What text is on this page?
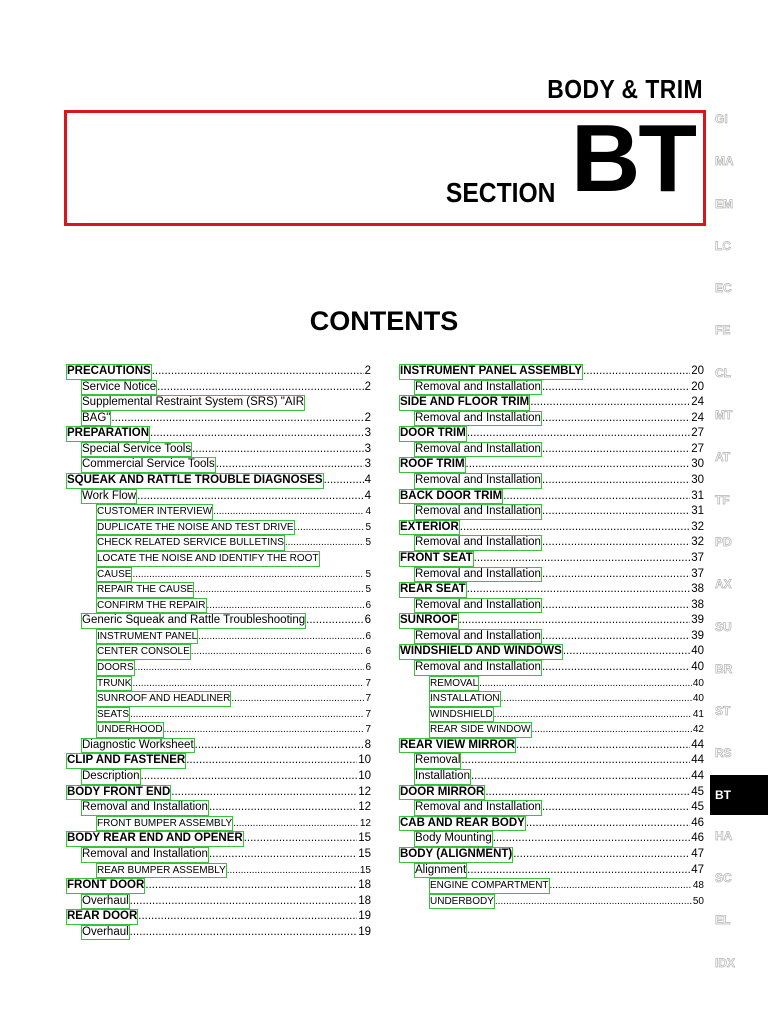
BODY & TRIM
SECTION BT
CONTENTS
PRECAUTIONS .....	2
Service Notice .....	2
Supplemental Restraint System (SRS) "AIR
BAG" .....	2
PREPARATION .....	3
Special Service Tools .....	3
Commercial Service Tools .....	3
SQUEAK AND RATTLE TROUBLE DIAGNOSES .....	4
Work Flow .....	4
CUSTOMER INTERVIEW .....	4
DUPLICATE THE NOISE AND TEST DRIVE .....	5
CHECK RELATED SERVICE BULLETINS .....	5
LOCATE THE NOISE AND IDENTIFY THE ROOT
CAUSE .....	5
REPAIR THE CAUSE .....	5
CONFIRM THE REPAIR .....	6
Generic Squeak and Rattle Troubleshooting .....	6
INSTRUMENT PANEL .....	6
CENTER CONSOLE .....	6
DOORS .....	6
TRUNK .....	7
SUNROOF AND HEADLINER .....	7
SEATS .....	7
UNDERHOOD .....	7
Diagnostic Worksheet .....	8
CLIP AND FASTENER .....	10
Description .....	10
BODY FRONT END .....	12
Removal and Installation .....	12
FRONT BUMPER ASSEMBLY .....	12
BODY REAR END AND OPENER .....	15
Removal and Installation .....	15
REAR BUMPER ASSEMBLY .....	15
FRONT DOOR .....	18
Overhaul .....	18
REAR DOOR .....	19
Overhaul .....	19
INSTRUMENT PANEL ASSEMBLY .....	20
Removal and Installation .....	20
SIDE AND FLOOR TRIM .....	24
Removal and Installation .....	24
DOOR TRIM .....	27
Removal and Installation .....	27
ROOF TRIM .....	30
Removal and Installation .....	30
BACK DOOR TRIM .....	31
Removal and Installation .....	31
EXTERIOR .....	32
Removal and Installation .....	32
FRONT SEAT .....	37
Removal and Installation .....	37
REAR SEAT .....	38
Removal and Installation .....	38
SUNROOF .....	39
Removal and Installation .....	39
WINDSHIELD AND WINDOWS .....	40
Removal and Installation .....	40
REMOVAL .....	40
INSTALLATION .....	40
WINDSHIELD .....	41
REAR SIDE WINDOW .....	42
REAR VIEW MIRROR .....	44
Removal .....	44
Installation .....	44
DOOR MIRROR .....	45
Removal and Installation .....	45
CAB AND REAR BODY .....	46
Body Mounting .....	46
BODY (ALIGNMENT) .....	47
Alignment .....	47
ENGINE COMPARTMENT .....	48
UNDERBODY .....	50
GI
MA
EM
LC
EC
FE
CL
MT
AT
TF
PD
AX
SU
BR
ST
RS
BT
HA
SC
EL
IDX
